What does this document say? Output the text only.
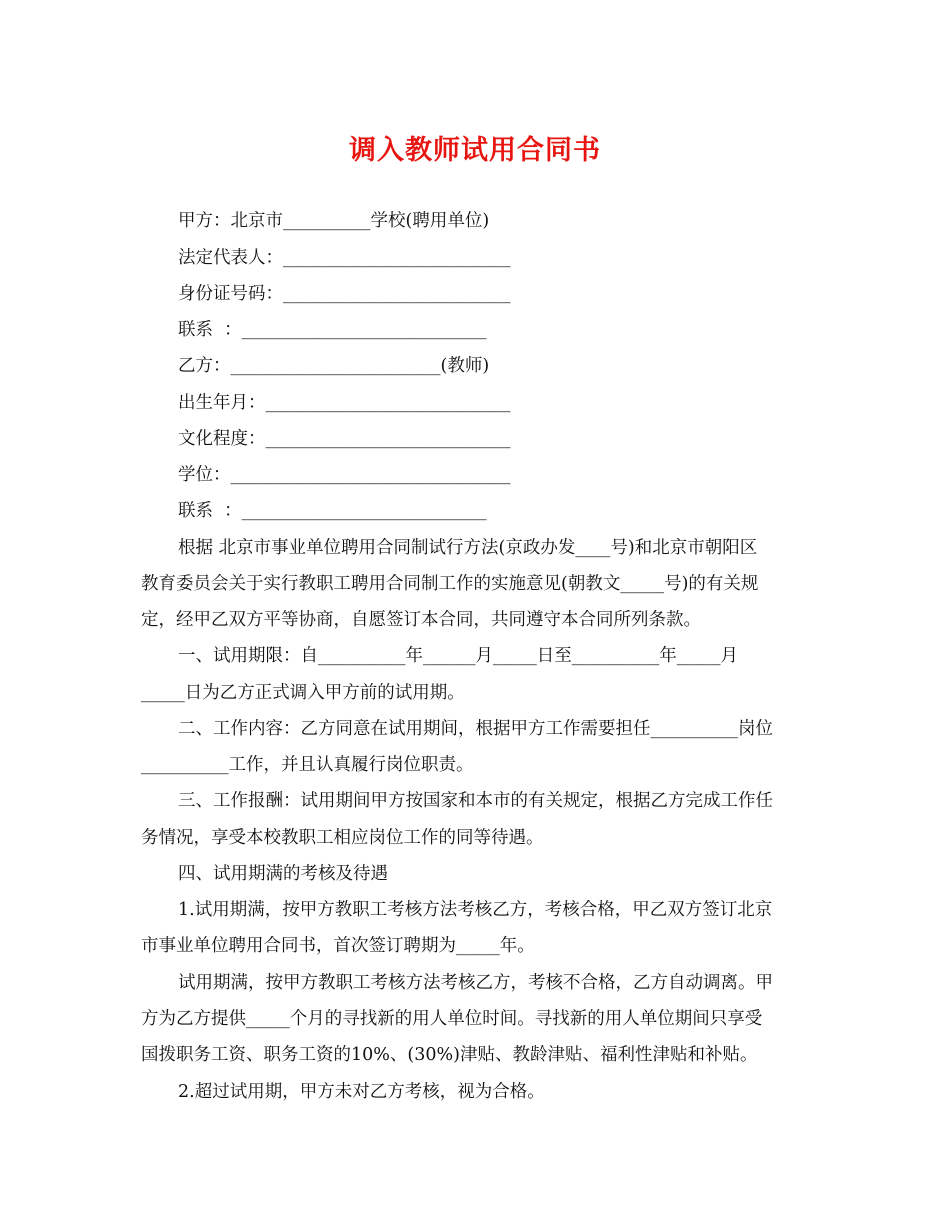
调入教师试用合同书
甲方：北京市__________学校(聘用单位)
法定代表人：__________________________
身份证号码：__________________________
联系  ：____________________________
乙方：________________________(教师)
出生年月：____________________________
文化程度：____________________________
学位：________________________________
联系  ：____________________________
根据 北京市事业单位聘用合同制试行方法(京政办发____号)和北京市朝阳区
教育委员会关于实行教职工聘用合同制工作的实施意见(朝教文_____号)的有关规
定，经甲乙双方平等协商，自愿签订本合同，共同遵守本合同所列条款。
一、试用期限：自__________年______月_____日至__________年_____月
_____日为乙方正式调入甲方前的试用期。
二、工作内容：乙方同意在试用期间，根据甲方工作需要担任__________岗位
__________工作，并且认真履行岗位职责。
三、工作报酬：试用期间甲方按国家和本市的有关规定，根据乙方完成工作任
务情况，享受本校教职工相应岗位工作的同等待遇。
四、试用期满的考核及待遇
1.试用期满，按甲方教职工考核方法考核乙方，考核合格，甲乙双方签订北京
市事业单位聘用合同书，首次签订聘期为_____年。
试用期满，按甲方教职工考核方法考核乙方，考核不合格，乙方自动调离。甲
方为乙方提供_____个月的寻找新的用人单位时间。寻找新的用人单位期间只享受
国拨职务工资、职务工资的10%、(30%)津贴、教龄津贴、福利性津贴和补贴。
2.超过试用期，甲方未对乙方考核，视为合格。
